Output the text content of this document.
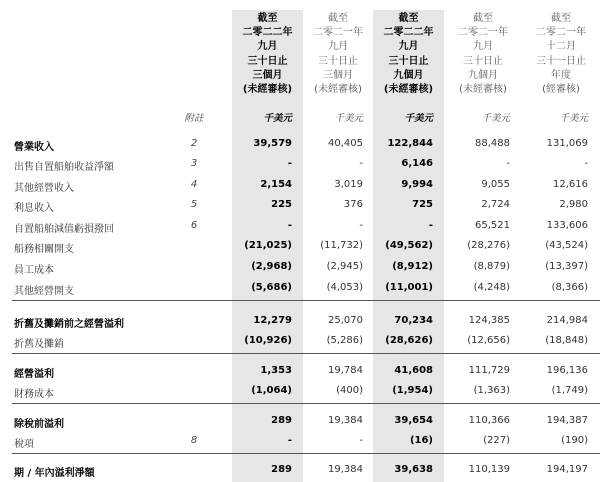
截至
二零二二年
九月
三十日止
三個月
(未經審核)
截至
二零二一年
九月
三十日止
三個月
(未經審核)
截至
二零二二年
九月
三十日止
九個月
(未經審核)
截至
二零二一年
九月
三十日止
九個月
(未經審核)
截至
二零二一年
十二月
三十一日止
年度
(經審核)
附註	千美元	千美元	千美元	千美元	千美元
營業收入	2	39,579	40,405 122,844	88,488	131,069
出售自置船舶收益淨額	3	-	-	6,146	-	-
其他經營收入	4	2,154	3,019	9,994	9,055	12,616
利息收入	5	225	376	725	2,724	2,980
自置船舶減值虧損撥回	6	-	-	-	65,521	133,606
船務相關開支	(21,025)	(11,732) (49,562)	(28,276)	(43,524)
員工成本	(2,968)	(2,945)	(8,912)	(8,879)	(13,397)
其他經營開支	(5,686)	(4,053) (11,001)	(4,248)	(8,366)
折舊及攤銷前之經營溢利	12,279	25,070	70,234	124,385	214,984
折舊及攤銷	(10,926)	(5,286) (28,626)	(12,656)	(18,848)
經營溢利	1,353	19,784	41,608	111,729	196,136
財務成本	(1,064)	(400)	(1,954)	(1,363)	(1,749)
除稅前溢利	289	19,384	39,654	110,366	194,387
稅項	8	-	-	(16)	(227)	(190)
期 / 年內溢利淨額	289	19,384	39,638	110,139	194,197
